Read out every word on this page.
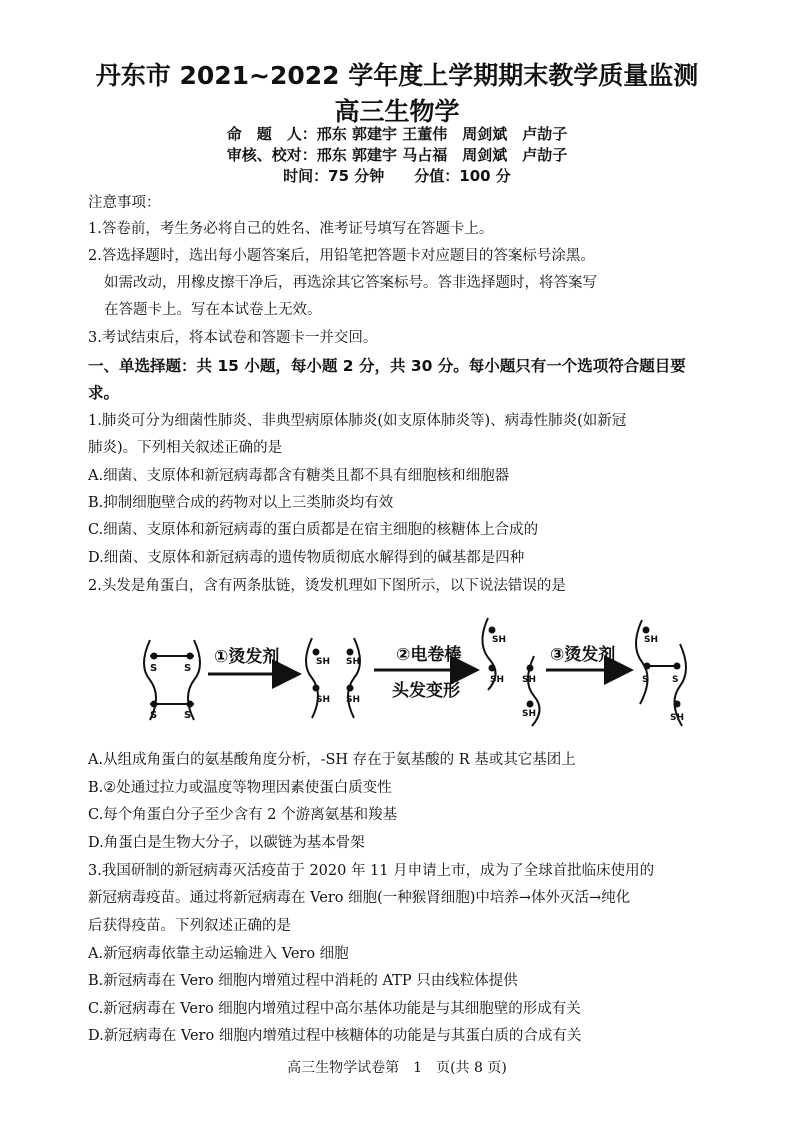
丹东市 2021~2022 学年度上学期期末教学质量监测
高三生物学
命　题　人：邢东 郭建宇 王董伟　周剑斌　卢劼子
审核、校对：邢东 郭建宇 马占福　周剑斌　卢劼子
时间：75 分钟　　分值：100 分
注意事项：
1.答卷前，考生务必将自己的姓名、准考证号填写在答题卡上。
2.答选择题时，选出每小题答案后，用铅笔把答题卡对应题目的答案标号涂黑。
如需改动，用橡皮擦干净后，再选涂其它答案标号。答非选择题时，将答案写
在答题卡上。写在本试卷上无效。
3.考试结束后，将本试卷和答题卡一并交回。
一、单选择题：共 15 小题，每小题 2 分，共 30 分。每小题只有一个选项符合题目要
求。
1.肺炎可分为细菌性肺炎、非典型病原体肺炎(如支原体肺炎等)、病毒性肺炎(如新冠
肺炎)。下列相关叙述正确的是
A.细菌、支原体和新冠病毒都含有糖类且都不具有细胞核和细胞器
B.抑制细胞壁合成的药物对以上三类肺炎均有效
C.细菌、支原体和新冠病毒的蛋白质都是在宿主细胞的核糖体上合成的
D.细菌、支原体和新冠病毒的遗传物质彻底水解得到的碱基都是四种
2.头发是角蛋白，含有两条肽链，烫发机理如下图所示，以下说法错误的是
S	S
S	S
①烫发剂	SH SH
SH SH
②电卷棒
头发变形
SH
SH SH
SH
③烫发剂
SH
S	S
SH
A.从组成角蛋白的氨基酸角度分析，-SH 存在于氨基酸的 R 基或其它基团上
B.②处通过拉力或温度等物理因素使蛋白质变性
C.每个角蛋白分子至少含有 2 个游离氨基和羧基
D.角蛋白是生物大分子，以碳链为基本骨架
3.我国研制的新冠病毒灭活疫苗于 2020 年 11 月申请上市，成为了全球首批临床使用的
新冠病毒疫苗。通过将新冠病毒在 Vero 细胞(一种猴肾细胞)中培养→体外灭活→纯化
后获得疫苗。下列叙述正确的是
A.新冠病毒依靠主动运输进入 Vero 细胞
B.新冠病毒在 Vero 细胞内增殖过程中消耗的 ATP 只由线粒体提供
C.新冠病毒在 Vero 细胞内增殖过程中高尔基体功能是与其细胞壁的形成有关
D.新冠病毒在 Vero 细胞内增殖过程中核糖体的功能是与其蛋白质的合成有关
高三生物学试卷第　1　页(共 8 页)
